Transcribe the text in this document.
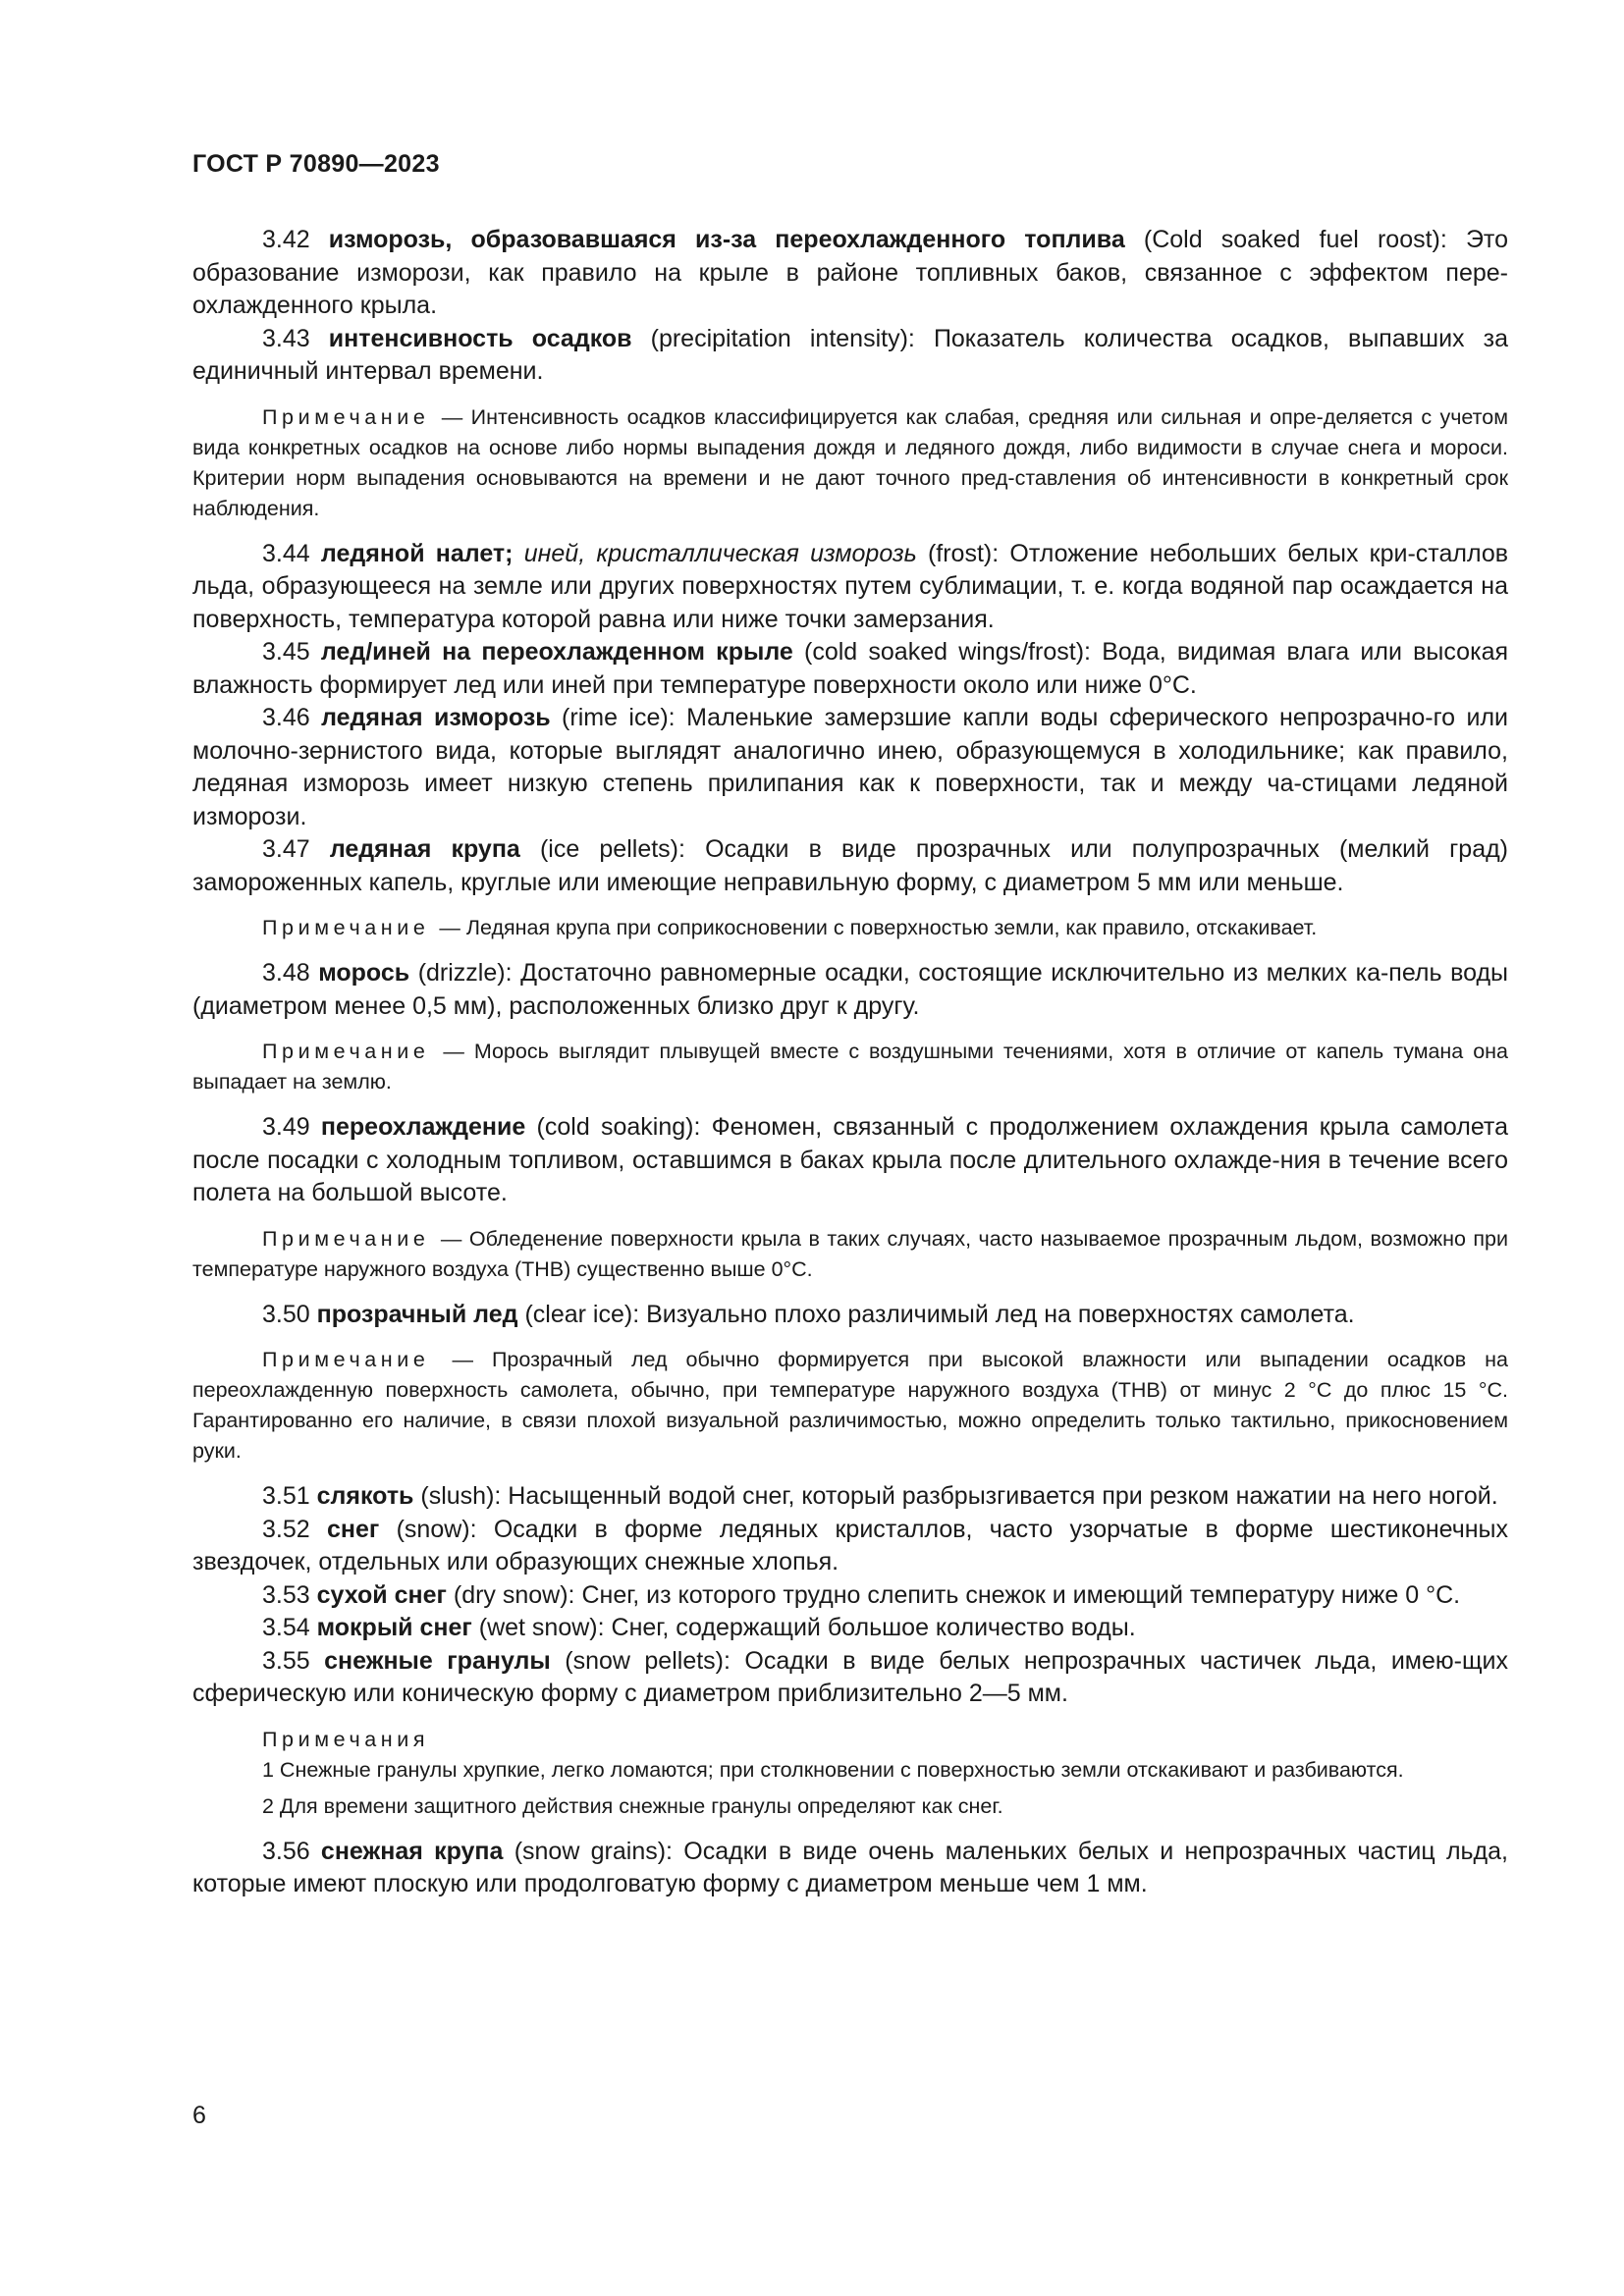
ГОСТ Р 70890—2023

3.42 изморозь, образовавшаяся из-за переохлажденного топлива (Cold soaked fuel roost): Это образование изморози, как правило на крыле в районе топливных баков, связанное с эффектом пере-охлажденного крыла.

3.43 интенсивность осадков (precipitation intensity): Показатель количества осадков, выпавших за единичный интервал времени.

Примечание — Интенсивность осадков классифицируется как слабая, средняя или сильная и опре-деляется с учетом вида конкретных осадков на основе либо нормы выпадения дождя и ледяного дождя, либо видимости в случае снега и мороси. Критерии норм выпадения основываются на времени и не дают точного пред-ставления об интенсивности в конкретный срок наблюдения.

3.44 ледяной налет; иней, кристаллическая изморозь (frost): Отложение небольших белых кри-сталлов льда, образующееся на земле или других поверхностях путем сублимации, т. е. когда водяной пар осаждается на поверхность, температура которой равна или ниже точки замерзания.

3.45 лед/иней на переохлажденном крыле (cold soaked wings/frost): Вода, видимая влага или высокая влажность формирует лед или иней при температуре поверхности около или ниже 0°C.

3.46 ледяная изморозь (rime ice): Маленькие замерзшие капли воды сферического непрозрачно-го или молочно-зернистого вида, которые выглядят аналогично инею, образующемуся в холодильнике; как правило, ледяная изморозь имеет низкую степень прилипания как к поверхности, так и между ча-стицами ледяной изморози.

3.47 ледяная крупа (ice pellets): Осадки в виде прозрачных или полупрозрачных (мелкий град) замороженных капель, круглые или имеющие неправильную форму, с диаметром 5 мм или меньше.

Примечание — Ледяная крупа при соприкосновении с поверхностью земли, как правило, отскакивает.

3.48 морось (drizzle): Достаточно равномерные осадки, состоящие исключительно из мелких ка-пель воды (диаметром менее 0,5 мм), расположенных близко друг к другу.

Примечание — Морось выглядит плывущей вместе с воздушными течениями, хотя в отличие от капель тумана она выпадает на землю.

3.49 переохлаждение (cold soaking): Феномен, связанный с продолжением охлаждения крыла самолета после посадки с холодным топливом, оставшимся в баках крыла после длительного охлажде-ния в течение всего полета на большой высоте.

Примечание — Обледенение поверхности крыла в таких случаях, часто называемое прозрачным льдом, возможно при температуре наружного воздуха (ТНВ) существенно выше 0°C.

3.50 прозрачный лед (clear ice): Визуально плохо различимый лед на поверхностях самолета.

Примечание — Прозрачный лед обычно формируется при высокой влажности или выпадении осадков на переохлажденную поверхность самолета, обычно, при температуре наружного воздуха (ТНВ) от минус 2 °C до плюс 15 °C. Гарантированно его наличие, в связи плохой визуальной различимостью, можно определить только тактильно, прикосновением руки.

3.51 слякоть (slush): Насыщенный водой снег, который разбрызгивается при резком нажатии на него ногой.

3.52 снег (snow): Осадки в форме ледяных кристаллов, часто узорчатые в форме шестиконечных звездочек, отдельных или образующих снежные хлопья.

3.53 сухой снег (dry snow): Снег, из которого трудно слепить снежок и имеющий температуру ниже 0 °C.

3.54 мокрый снег (wet snow): Снег, содержащий большое количество воды.

3.55 снежные гранулы (snow pellets): Осадки в виде белых непрозрачных частичек льда, имею-щих сферическую или коническую форму с диаметром приблизительно 2—5 мм.

Примечания

1 Снежные гранулы хрупкие, легко ломаются; при столкновении с поверхностью земли отскакивают и разбиваются.

2 Для времени защитного действия снежные гранулы определяют как снег.

3.56 снежная крупа (snow grains): Осадки в виде очень маленьких белых и непрозрачных частиц льда, которые имеют плоскую или продолговатую форму с диаметром меньше чем 1 мм.

6
